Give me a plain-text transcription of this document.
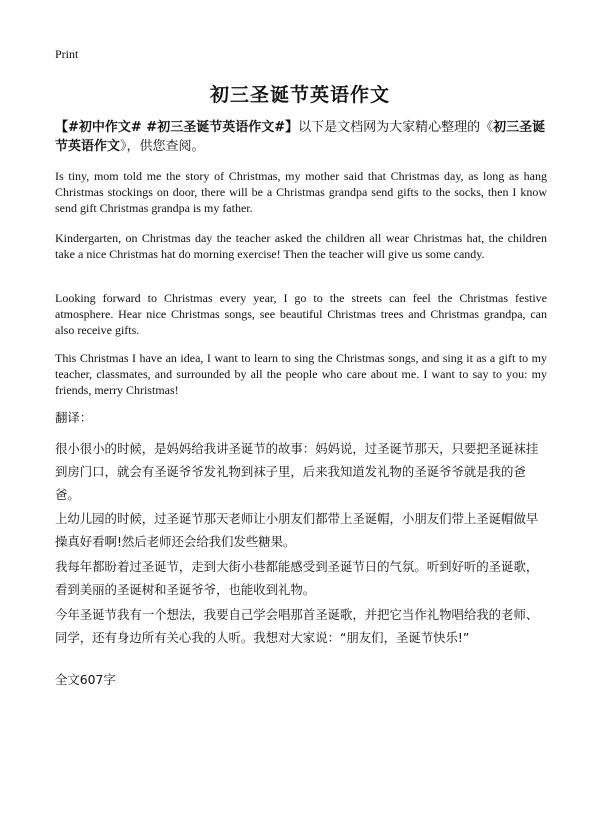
Print
初三圣诞节英语作文
【#初中作文# #初三圣诞节英语作文#】以下是文档网为大家精心整理的《初三圣诞节英语作文》，供您查阅。
Is tiny, mom told me the story of Christmas, my mother said that Christmas day, as long as hang Christmas stockings on door, there will be a Christmas grandpa send gifts to the socks, then I know send gift Christmas grandpa is my father.
Kindergarten, on Christmas day the teacher asked the children all wear Christmas hat, the children take a nice Christmas hat do morning exercise! Then the teacher will give us some candy.
Looking forward to Christmas every year, I go to the streets can feel the Christmas festive atmosphere. Hear nice Christmas songs, see beautiful Christmas trees and Christmas grandpa, can also receive gifts.
This Christmas I have an idea, I want to learn to sing the Christmas songs, and sing it as a gift to my teacher, classmates, and surrounded by all the people who care about me. I want to say to you: my friends, merry Christmas!
翻译：
很小很小的时候，是妈妈给我讲圣诞节的故事：妈妈说，过圣诞节那天，只要把圣诞袜挂到房门口，就会有圣诞爷爷发礼物到袜子里，后来我知道发礼物的圣诞爷爷就是我的爸爸。
上幼儿园的时候，过圣诞节那天老师让小朋友们都带上圣诞帽，小朋友们带上圣诞帽做早操真好看啊!然后老师还会给我们发些糖果。
我每年都盼着过圣诞节，走到大街小巷都能感受到圣诞节日的气氛。听到好听的圣诞歌，看到美丽的圣诞树和圣诞爷爷，也能收到礼物。
今年圣诞节我有一个想法，我要自己学会唱那首圣诞歌，并把它当作礼物唱给我的老师、同学，还有身边所有关心我的人听。我想对大家说：“朋友们，圣诞节快乐!”
全文607字
